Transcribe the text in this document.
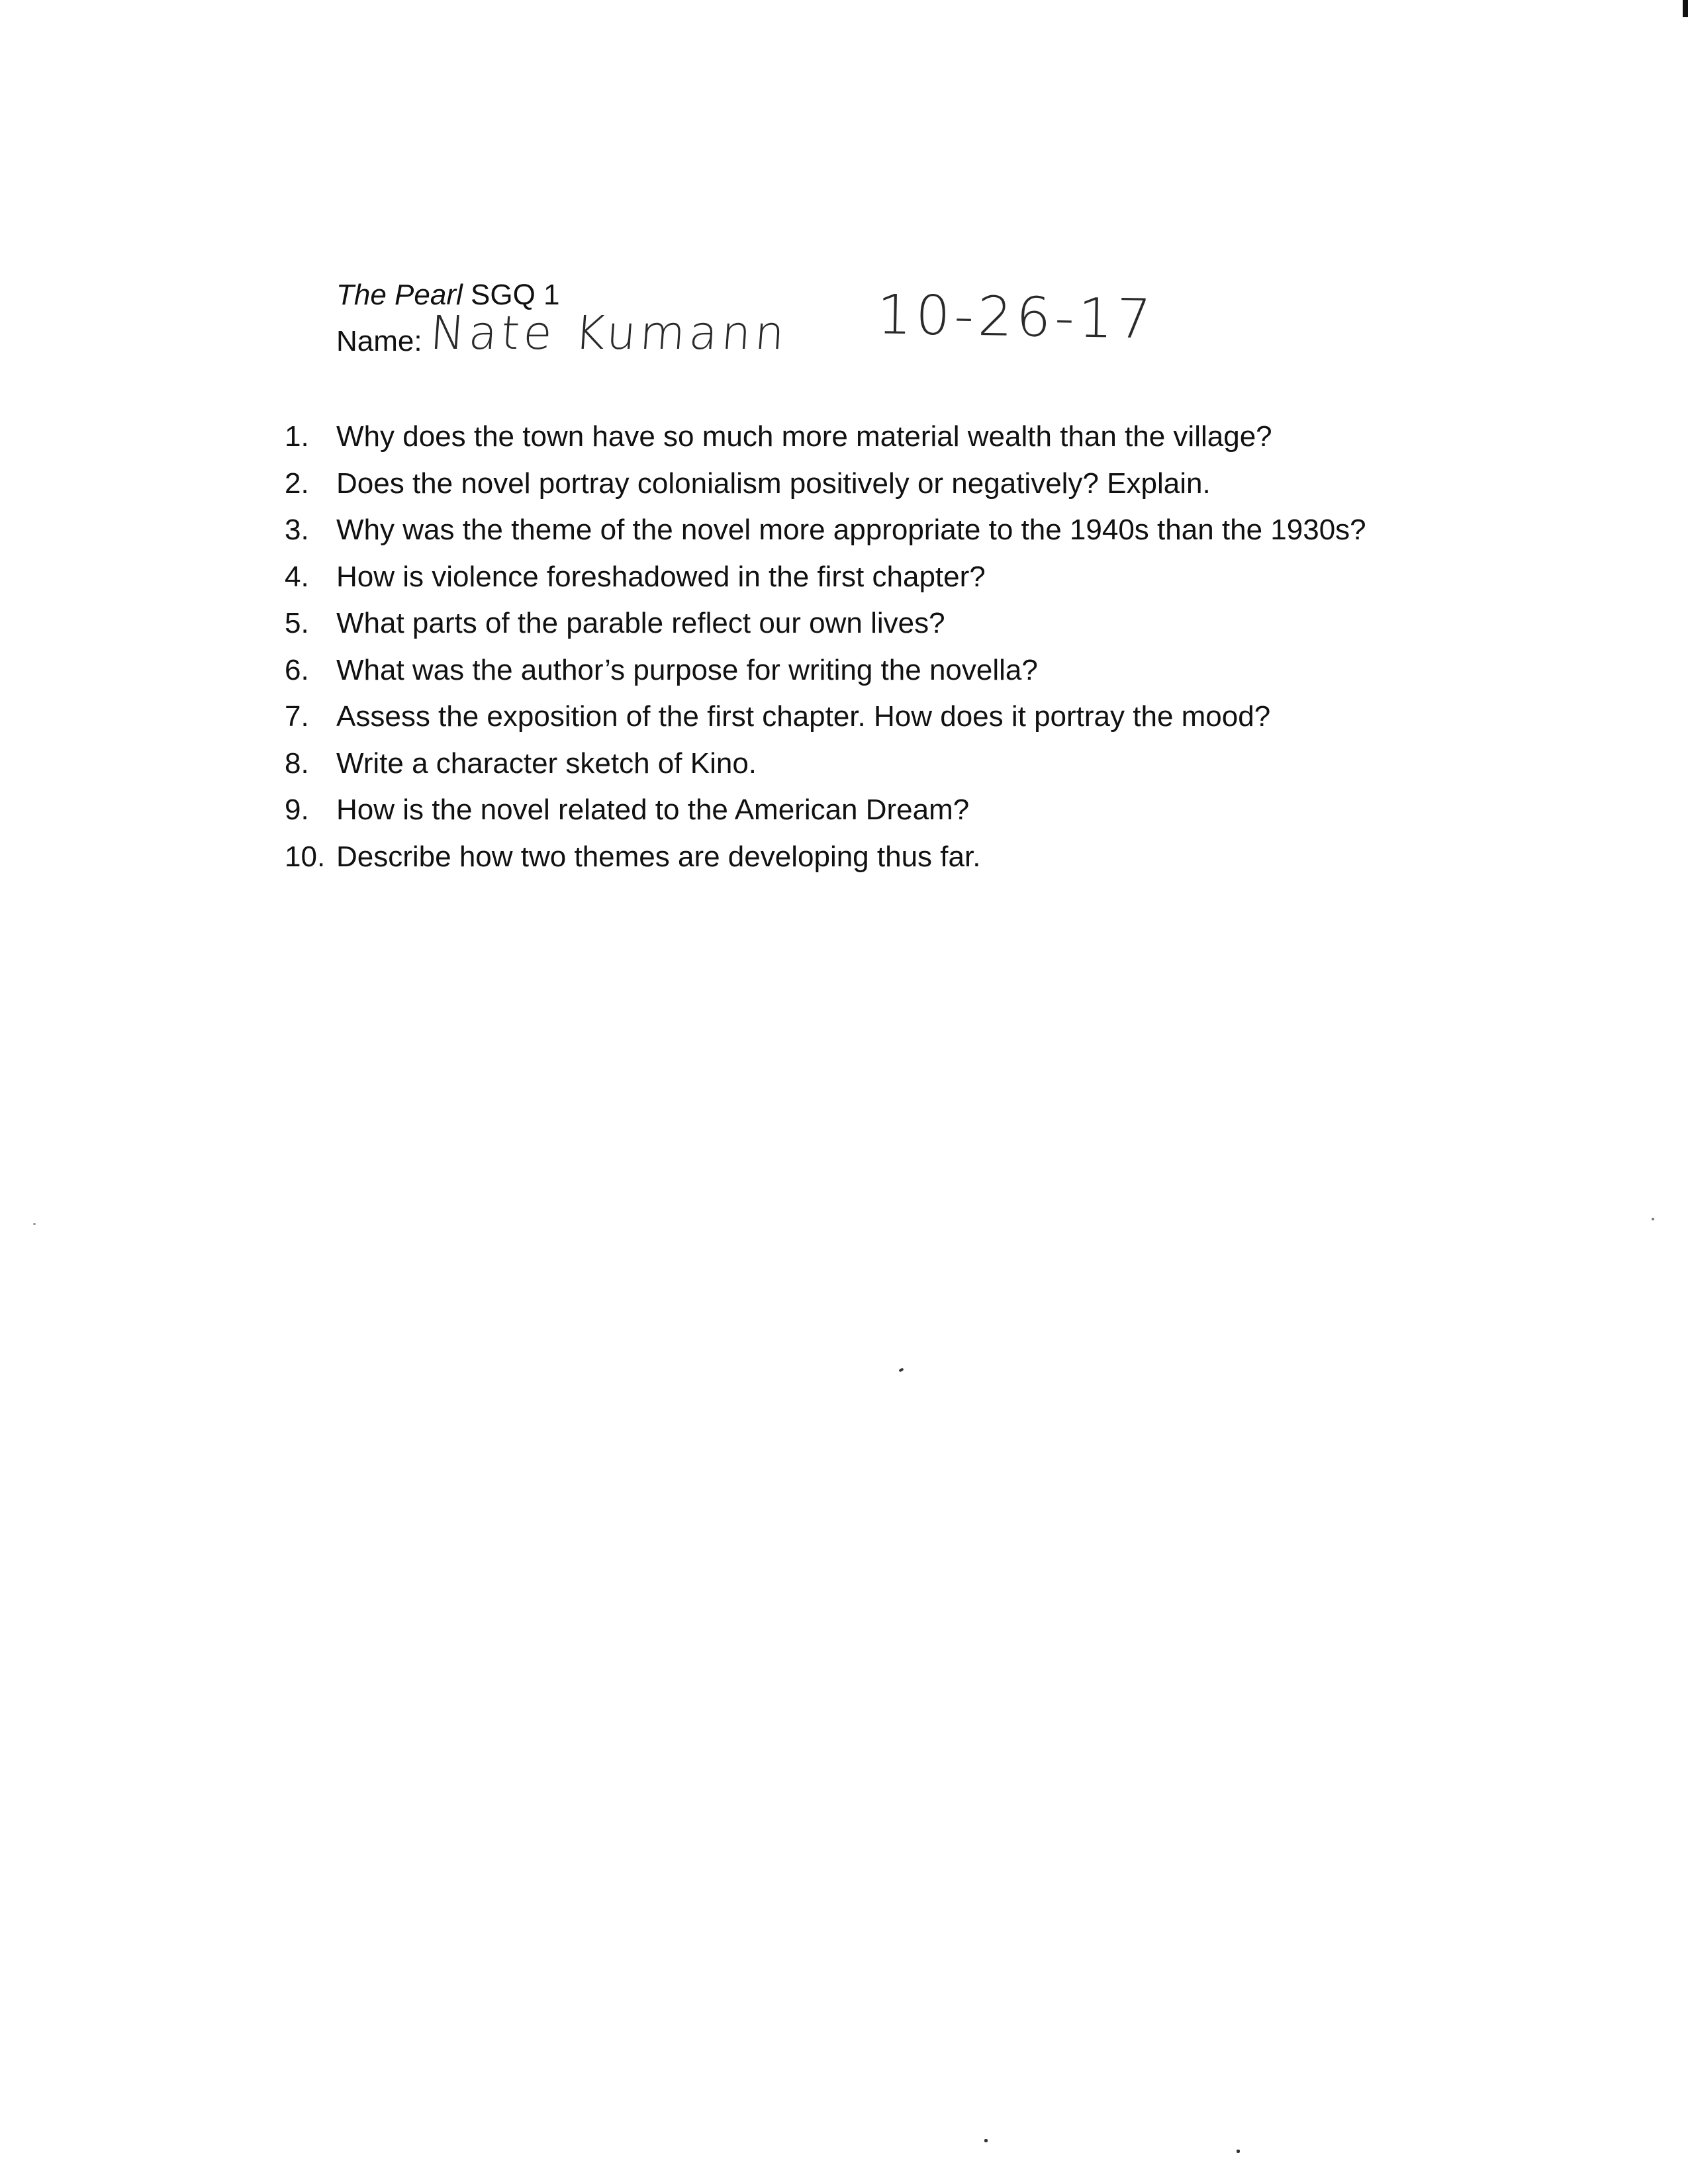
The Pearl SGQ 1
Name: Nate Kumann 10-26-17
1. Why does the town have so much more material wealth than the village?
2. Does the novel portray colonialism positively or negatively? Explain.
3. Why was the theme of the novel more appropriate to the 1940s than the 1930s?
4. How is violence foreshadowed in the first chapter?
5. What parts of the parable reflect our own lives?
6. What was the author’s purpose for writing the novella?
7. Assess the exposition of the first chapter. How does it portray the mood?
8. Write a character sketch of Kino.
9. How is the novel related to the American Dream?
10. Describe how two themes are developing thus far.
